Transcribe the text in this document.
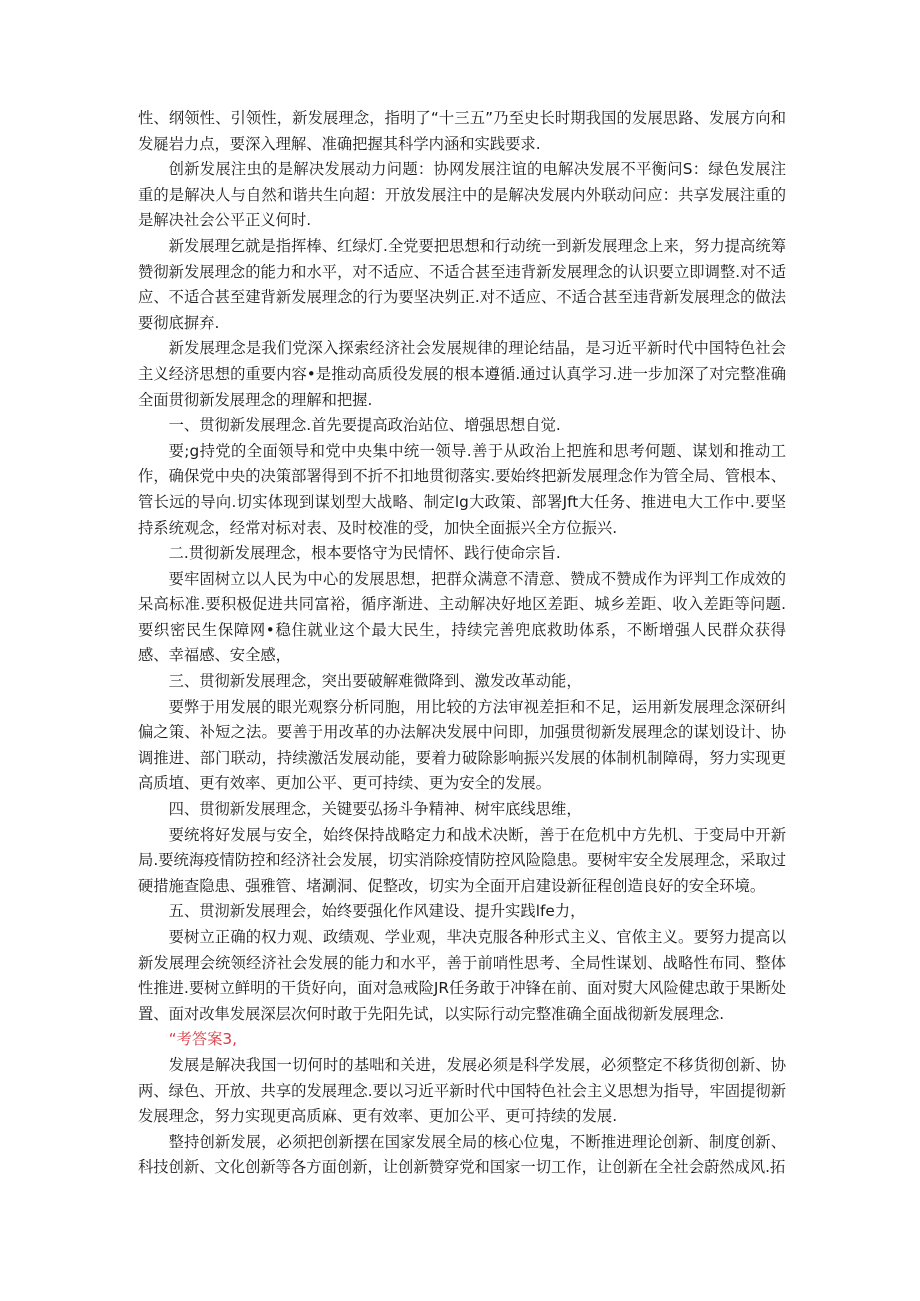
性、纲领性、引领性，新发展理念，指明了“十三五”乃至史长时期我国的发展思路、发展方向和发屣岩力点，要深入理解、准确把握其科学内涵和实践要求.

创新发展注虫的是解决发展动力问题：协网发展注谊的电解决发展不平衡问S：绿色发展注重的是解决人与自然和谐共生向超：开放发展注中的是解决发展内外联动问应：共享发展注重的是解决社会公平正义何时.

新发展理乞就是指挥棒、红绿灯.全党要把思想和行动统一到新发展理念上来，努力提高统筹赞彻新发展理念的能力和水平，对不适应、不适合甚至违背新发展理念的认识要立即调整.对不适应、不适合甚至建背新发展理念的行为要坚决刿正.对不适应、不适合甚至违背新发展理念的做法要彻底摒弃.

新发展理念是我们党深入探索经济社会发展规律的理论结晶，是习近平新时代中国特色社会主义经济思想的重要内容•是推动高质役发展的根本遵循.通过认真学习.进一步加深了对完整准确全面贯彻新发展理念的理解和把握.

一、贯彻新发展理念.首先要提高政治站位、增强思想自觉.

要;g持党的全面领导和党中央集中统一领导.善于从政治上把旌和思考何题、谋划和推动工作，确保党中央的决策部署得到不折不扣地贯彻落实.要始终把新发展理念作为管全局、管根本、管长远的导向.切实体现到谋划型大战略、制定lg大政策、部署Jft大任务、推进电大工作中.要坚持系统观念，经常对标对表、及时校准的受，加快全面振兴全方位振兴.

二.贯彻新发展理念，根本要恪守为民情怀、践行使命宗旨.

要牢固树立以人民为中心的发展思想，把群众满意不清意、赞成不赞成作为评判工作成效的呆高标准.要积极促进共同富裕，循序渐进、主动解决好地区差距、城乡差距、收入差距等问题.要织密民生保障网•稳住就业这个最大民生，持续完善兜底救助体系，不断增强人民群众获得感、幸福感、安全感，

三、贯彻新发展理念，突出要破解难微降到、激发改革动能，

要弊于用发展的眼光观察分析同胞，用比较的方法审视差拒和不足，运用新发展理念深研纠偏之策、补短之法。要善于用改革的办法解决发展中问即，加强贯彻新发展理念的谋划设计、协调推进、部门联动，持续激活发展动能，要着力破除影响振兴发展的体制机制障碍，努力实现更高质埴、更有效率、更加公平、更可持续、更为安全的发展。

四、贯彻新发展理念，关键要弘扬斗争精神、树牢底线思维，

要统将好发展与安全，始终保持战略定力和战术决断，善于在危机中方先机、于变局中开新局.要统海疫情防控和经济社会发展，切实消除疫情防控风险隐患。要树牢安全发展理念，采取过硬措施查隐患、强雅管、堵涮洞、促整改，切实为全面开启建设新征程创造良好的安全环境。

五、贯沏新发展理会，始终要强化作风建设、提升实践lfe力，

要树立正确的权力观、政绩观、学业观，芈决克服各种形式主义、官侬主义。要努力提高以新发展理会统领经济社会发展的能力和水平，善于前哨性思考、全局性谋划、战略性布同、整体性推进.要树立鲜明的干货好向，面对急戒险JR任务敢于冲锋在前、面对熨大风险健忠敢于果断处置、面对改隼发展深层次何时敢于先阳先试，以实际行动完整准确全面战彻新发展理念.

“考答案3,

发展是解决我国一切何时的基咄和关进，发展必须是科学发展，必须整定不移货彻创新、协两、绿色、开放、共享的发展理念.要以习近平新时代中国特色社会主义思想为指导，牢固提彻新发展理念，努力实现更高质麻、更有效率、更加公平、更可持续的发展.

整持创新发展，必须把创新摆在国家发展全局的核心位鬼，不断推进理论创新、制度创新、科技创新、文化创新等各方面创新，让创新赞穿党和国家一切工作，让创新在全社会蔚然成风.拓
